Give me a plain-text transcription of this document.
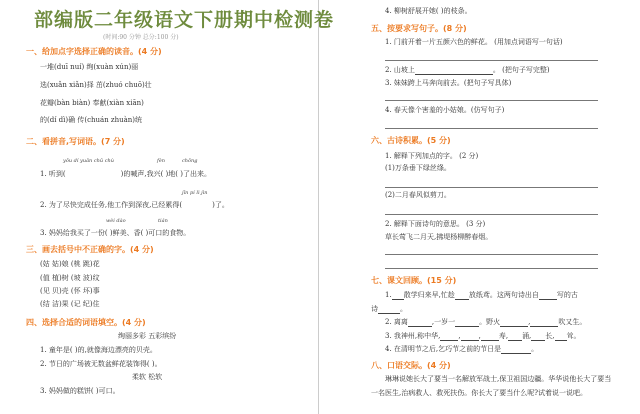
部编版二年级语文下册期中检测卷
(时间:90 分钟 总分:100 分)
一、给加点字选择正确的读音。(4 分)
一堆(duī nuí) 绚(xuàn xún)丽
选(xuǎn xiǎn)择 茁(zhuó chuō)壮
花瓣(bàn biàn) 奉献(xiàn xiān)
的(dí dì)确 传(chuán zhuàn)统
二、看拼音,写词语。(7 分)
yōu dí yuǎn chǔ chù	fèn	chōng
1. 听到(	)的喊声,我兴( )地( )了出来。
jīn pí lì jìn
2. 为了尽快完成任务,他工作到深夜,已经累得(	)了。
wèi dào	tián
3. 妈妈给我买了一份( )鲜美、香( )可口的食物。
三、画去括号中不正确的字。(4 分)
(姑 姑)娘 (桃 跳)花
(值 植)树 (坡 波)纹
(见 贝)壳 (怀 坏)事
(结 洁)果 (记 纪)住
四、选择合适的词语填空。(4 分)
绚丽多彩 五彩缤纷
1. 童年是( )的,就像海边漂亮的贝壳。
2. 节日的广场被无数盆鲜花装饰得( )。
柔软 松软
3. 妈妈做的糕饼( )可口。
4. 柳树舒展开她( )的枝条。
五、按要求写句子。(8 分)
1. 门前开着一片五颜六色的鲜花。 (用加点词语写一句话)
2. 山坡上	。 (把句子写完整)
3. 妹妹跨上马奔向前去。(把句子写具体)
4. 春天像个害羞的小姑娘。(仿写句子)
六、古诗积累。(5 分)
1. 解释下列加点的字。 (2 分)
(1)万条垂下绿丝绦。
(2)二月春风似剪刀。
2. 解释下面诗句的意思。 (3 分)
草长莺飞二月天,拂堤杨柳醉春烟。
七、课文回顾。(15 分)
1. 散学归来早,忙趁 放纸鸢。这两句诗出自	写的古
诗	。
2. 离离	,一岁一	。野火	,	吹又生。
3. 我神州,称中华,	,	,	寿, 涌, 长, 耸。
4. 在清明节之后,乞巧节之前的节日是	。
八、口语交际。(4 分)
琳琳说她长大了要当一名解放军战士,保卫祖国边疆。华华说他长大了要当
一名医生,治病救人、救死扶伤。你长大了要当什么呢?试着说一说吧。
